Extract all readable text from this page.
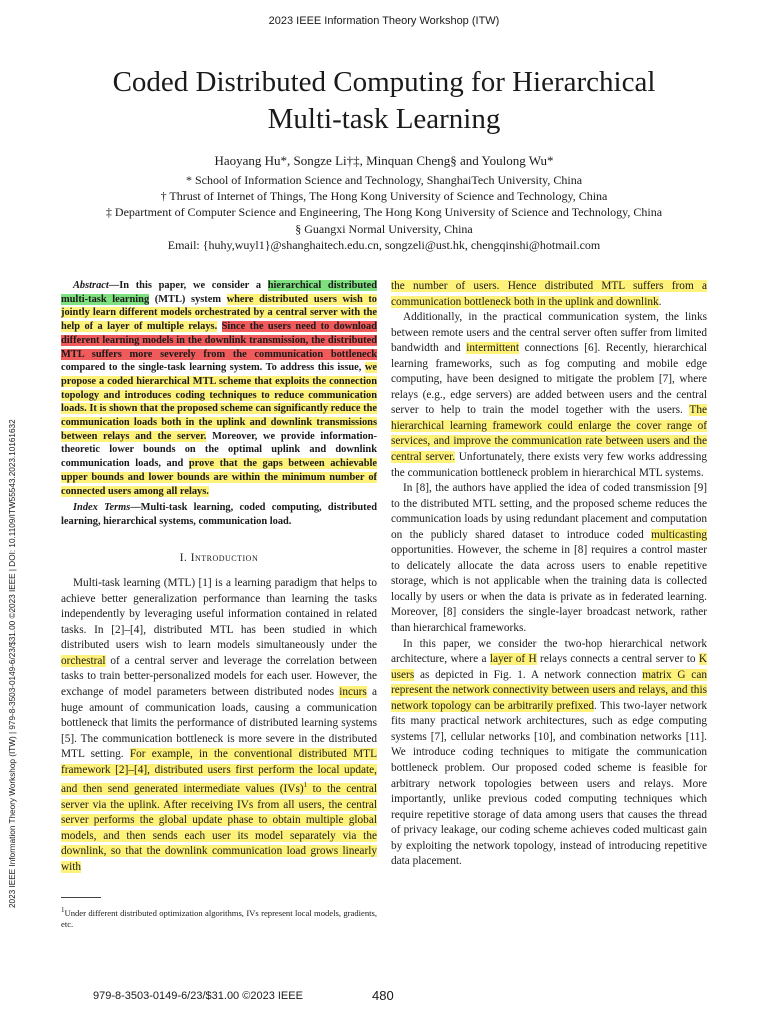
2023 IEEE Information Theory Workshop (ITW)
Coded Distributed Computing for Hierarchical
Multi-task Learning
Haoyang Hu*, Songze Li†‡, Minquan Cheng§ and Youlong Wu*
* School of Information Science and Technology, ShanghaiTech University, China
† Thrust of Internet of Things, The Hong Kong University of Science and Technology, China
‡ Department of Computer Science and Engineering, The Hong Kong University of Science and Technology, China
§ Guangxi Normal University, China
Email: {huhy,wuyl1}@shanghaitech.edu.cn, songzeli@ust.hk, chengqinshi@hotmail.com
2023 IEEE Information Theory Workshop (ITW) | 979-8-3503-0149-6/23/$31.00 ©2023 IEEE | DOI: 10.1109/ITW55543.2023.10161632

Abstract—In this paper, we consider a hierarchical distributed multi-task learning (MTL) system where distributed users wish to jointly learn different models orchestrated by a central server with the help of a layer of multiple relays. Since the users need to download different learning models in the downlink transmission, the distributed MTL suffers more severely from the communication bottleneck compared to the single-task learning system. To address this issue, we propose a coded hierarchical MTL scheme that exploits the connection topology and introduces coding techniques to reduce communication loads. It is shown that the proposed scheme can significantly reduce the communication loads both in the uplink and downlink transmissions between relays and the server. Moreover, we provide information-theoretic lower bounds on the optimal uplink and downlink communication loads, and prove that the gaps between achievable upper bounds and lower bounds are within the minimum number of connected users among all relays.

Index Terms—Multi-task learning, coded computing, distributed learning, hierarchical systems, communication load.

I. Introduction

Multi-task learning (MTL) [1] is a learning paradigm that helps to achieve better generalization performance than learning the tasks independently by leveraging useful information contained in related tasks. In [2]–[4], distributed MTL has been studied in which distributed users wish to learn models simultaneously under the orchestral of a central server and leverage the correlation between tasks to train better-personalized models for each user. However, the exchange of model parameters between distributed nodes incurs a huge amount of communication loads, causing a communication bottleneck that limits the performance of distributed learning systems [5]. The communication bottleneck is more severe in the distributed MTL setting. For example, in the conventional distributed MTL framework [2]–[4], distributed users first perform the local update, and then send generated intermediate values (IVs)$^1$ to the central server via the uplink. After receiving IVs from all users, the central server performs the global update phase to obtain multiple global models, and then sends each user its model separately via the downlink, so that the downlink communication load grows linearly with

$^1$Under different distributed optimization algorithms, IVs represent local models, gradients, etc.

the number of users. Hence distributed MTL suffers from a communication bottleneck both in the uplink and downlink.

Additionally, in the practical communication system, the links between remote users and the central server often suffer from limited bandwidth and intermittent connections [6]. Recently, hierarchical learning frameworks, such as fog computing and mobile edge computing, have been designed to mitigate the problem [7], where relays (e.g., edge servers) are added between users and the central server to help to train the model together with the users. The hierarchical learning framework could enlarge the cover range of services, and improve the communication rate between users and the central server. Unfortunately, there exists very few works addressing the communication bottleneck problem in hierarchical MTL systems.

In [8], the authors have applied the idea of coded transmission [9] to the distributed MTL setting, and the proposed scheme reduces the communication loads by using redundant placement and computation on the publicly shared dataset to introduce coded multicasting opportunities. However, the scheme in [8] requires a control master to delicately allocate the data across users to enable repetitive storage, which is not applicable when the training data is collected locally by users or when the data is private as in federated learning. Moreover, [8] considers the single-layer broadcast network, rather than hierarchical frameworks.

In this paper, we consider the two-hop hierarchical network architecture, where a layer of H relays connects a central server to K users as depicted in Fig. 1. A network connection matrix G can represent the network connectivity between users and relays, and this network topology can be arbitrarily prefixed. This two-layer network fits many practical network architectures, such as edge computing systems [7], cellular networks [10], and combination networks [11]. We introduce coding techniques to mitigate the communication bottleneck problem. Our proposed coded scheme is feasible for arbitrary network topologies between users and relays. More importantly, unlike previous coded computing techniques which require repetitive storage of data among users that causes the thread of privacy leakage, our coding scheme achieves coded multicast gain by exploiting the network topology, instead of introducing repetitive data placement.

979-8-3503-0149-6/23/$31.00 ©2023 IEEE	480
